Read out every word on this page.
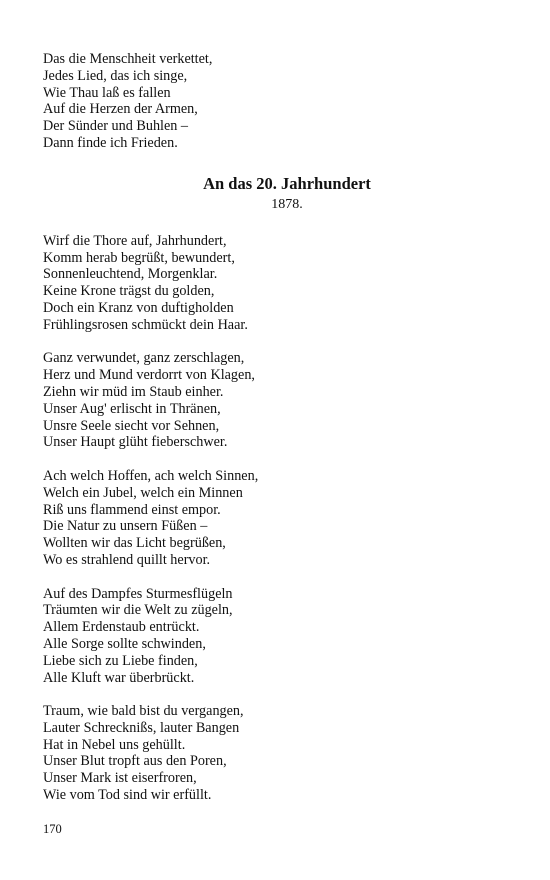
Das die Menschheit verkettet,
Jedes Lied, das ich singe,
Wie Thau laß es fallen
Auf die Herzen der Armen,
Der Sünder und Buhlen –
Dann finde ich Frieden.
An das 20. Jahrhundert
1878.
Wirf die Thore auf, Jahrhundert,
Komm herab begrüßt, bewundert,
Sonnenleuchtend, Morgenklar.
Keine Krone trägst du golden,
Doch ein Kranz von duftigholden
Frühlingsrosen schmückt dein Haar.
Ganz verwundet, ganz zerschlagen,
Herz und Mund verdorrt von Klagen,
Ziehn wir müd im Staub einher.
Unser Aug' erlischt in Thränen,
Unsre Seele siecht vor Sehnen,
Unser Haupt glüht fieberschwer.
Ach welch Hoffen, ach welch Sinnen,
Welch ein Jubel, welch ein Minnen
Riß uns flammend einst empor.
Die Natur zu unsern Füßen –
Wollten wir das Licht begrüßen,
Wo es strahlend quillt hervor.
Auf des Dampfes Sturmesflügeln
Träumten wir die Welt zu zügeln,
Allem Erdenstaub entrückt.
Alle Sorge sollte schwinden,
Liebe sich zu Liebe finden,
Alle Kluft war überbrückt.
Traum, wie bald bist du vergangen,
Lauter Schrecknißs, lauter Bangen
Hat in Nebel uns gehüllt.
Unser Blut tropft aus den Poren,
Unser Mark ist eiserfroren,
Wie vom Tod sind wir erfüllt.
170
